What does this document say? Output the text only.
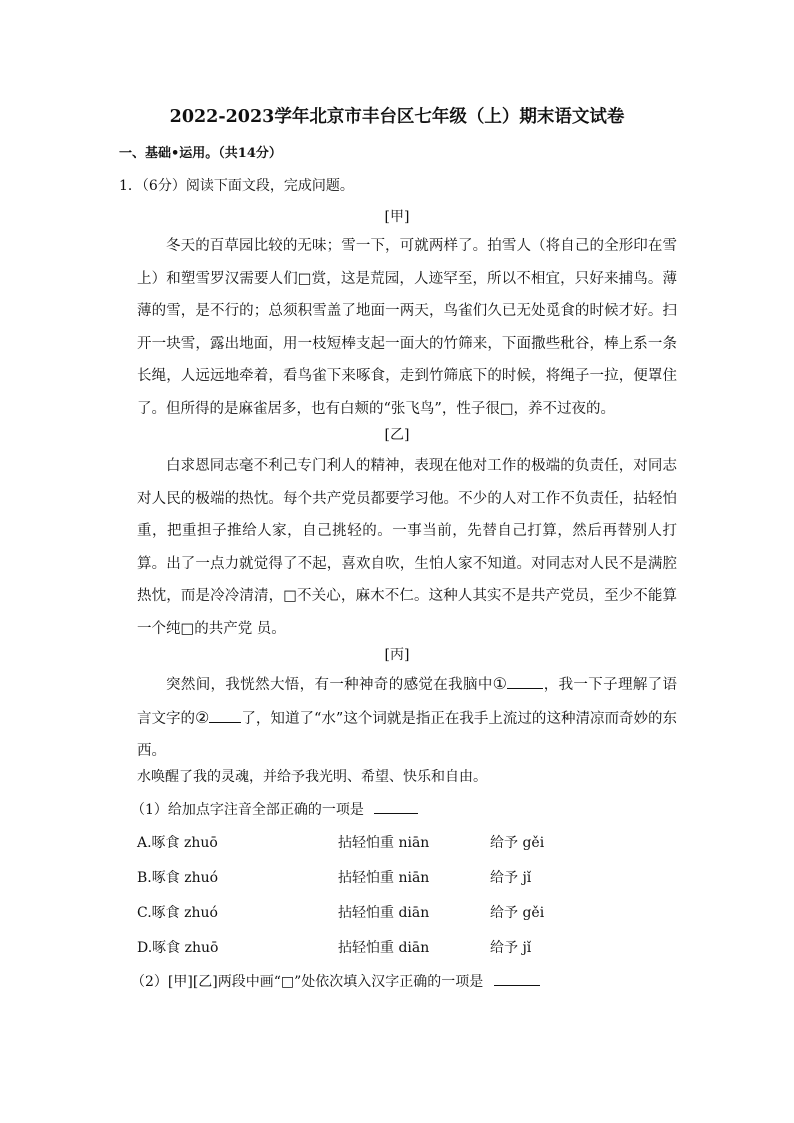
2022-2023学年北京市丰台区七年级（上）期末语文试卷
一、基础•运用。（共14分）
1．（6分）阅读下面文段，完成问题。
[甲]
冬天的百草园比较的无味；雪一下，可就两样了。拍雪人（将自己的全形印在雪上）和塑雪罗汉需要人们□赏，这是荒园，人迹罕至，所以不相宜，只好来捕鸟。薄薄的雪，是不行的；总须积雪盖了地面一两天，鸟雀们久已无处觅食的时候才好。扫开一块雪，露出地面，用一枝短棒支起一面大的竹筛来，下面撒些秕谷，棒上系一条长绳，人远远地牵着，看鸟雀下来啄食，走到竹筛底下的时候，将绳子一拉，便罩住了。但所得的是麻雀居多，也有白颊的“张飞鸟”，性子很□，养不过夜的。
[乙]
白求恩同志毫不利己专门利人的精神，表现在他对工作的极端的负责任，对同志对人民的极端的热忱。每个共产党员都要学习他。不少的人对工作不负责任，拈轻怕重，把重担子推给人家，自己挑轻的。一事当前，先替自己打算，然后再替别人打算。出了一点力就觉得了不起，喜欢自吹，生怕人家不知道。对同志对人民不是满腔热忱，而是冷冷清清，□不关心，麻木不仁。这种人其实不是共产党员，至少不能算一个纯□的共产党 员。
[丙]
突然间，我恍然大悟，有一种神奇的感觉在我脑中① ，我一下子理解了语言文字的② 了，知道了“水”这个词就是指正在我手上流过的这种清凉而奇妙的东西。
水唤醒了我的灵魂，并给予我光明、希望、快乐和自由。
（1）给加点字注音全部正确的一项是
A.啄食 zhuō	拈轻怕重 niān	给予 gěi
B.啄食 zhuó	拈轻怕重 niān	给予 jǐ
C.啄食 zhuó	拈轻怕重 diān	给予 gěi
D.啄食 zhuō	拈轻怕重 diān	给予 jǐ
（2）[甲][乙]两段中画“□”处依次填入汉字正确的一项是
